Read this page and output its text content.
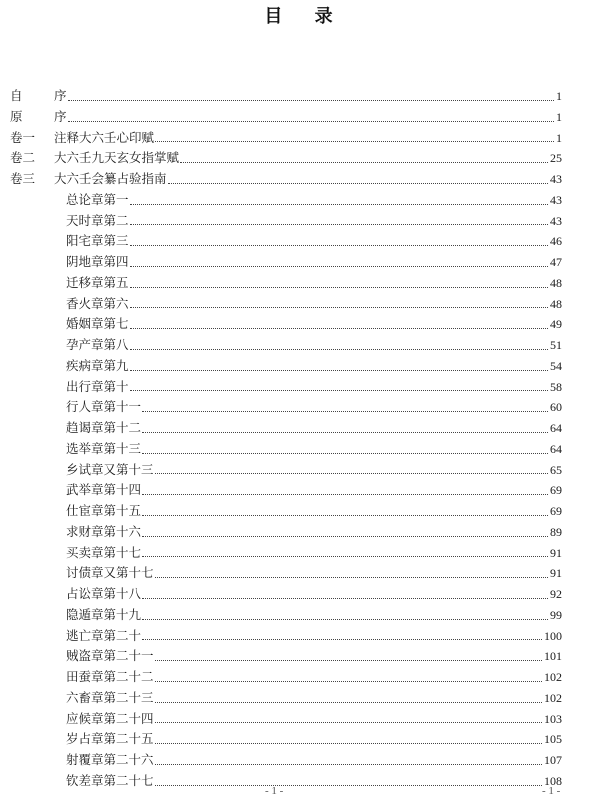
目 录
自	序	1
原	序	1
卷一	注释大六壬心印赋	1
卷二	大六壬九天玄女指掌赋	25
卷三	大六壬会纂占验指南	43
总论章第一	43
天时章第二	43
阳宅章第三	46
阴地章第四	47
迁移章第五	48
香火章第六	48
婚姻章第七	49
孕产章第八	51
疾病章第九	54
出行章第十	58
行人章第十一	60
趋谒章第十二	64
选举章第十三	64
乡试章又第十三	65
武举章第十四	69
仕宦章第十五	69
求财章第十六	89
买卖章第十七	91
讨债章又第十七	91
占讼章第十八	92
隐遁章第十九	99
逃亡章第二十	100
贼盗章第二十一	101
田蚕章第二十二	102
六畜章第二十三	102
应候章第二十四	103
岁占章第二十五	105
射覆章第二十六	107
钦差章第二十七	108
- 1 -	- 1 -
